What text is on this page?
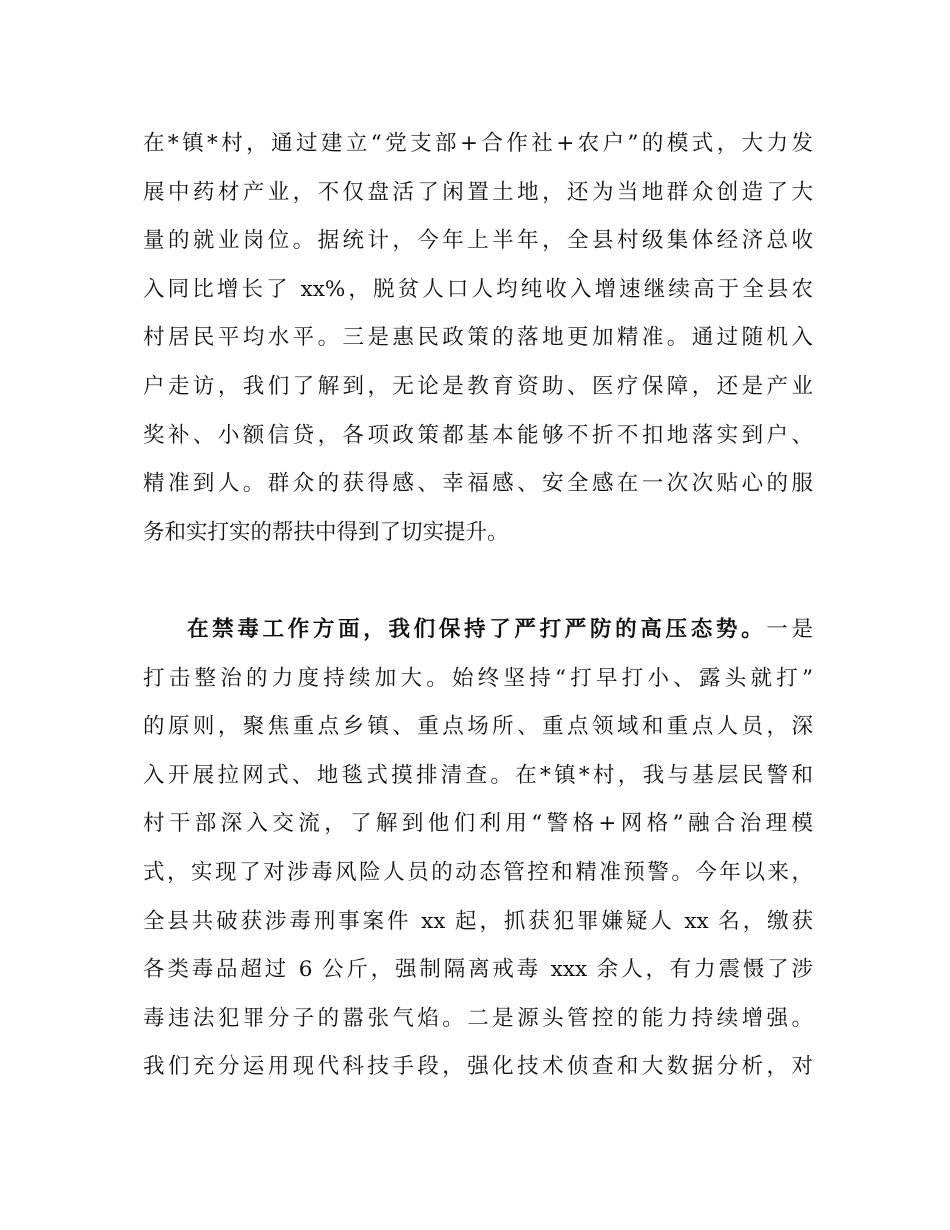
在*镇*村，通过建立“党支部+合作社+农户”的模式，大力发
展中药材产业，不仅盘活了闲置土地，还为当地群众创造了大
量的就业岗位。据统计，今年上半年，全县村级集体经济总收
入同比增长了 xx%，脱贫人口人均纯收入增速继续高于全县农
村居民平均水平。三是惠民政策的落地更加精准。通过随机入
户走访，我们了解到，无论是教育资助、医疗保障，还是产业
奖补、小额信贷，各项政策都基本能够不折不扣地落实到户、
精准到人。群众的获得感、幸福感、安全感在一次次贴心的服
务和实打实的帮扶中得到了切实提升。
在禁毒工作方面，我们保持了严打严防的高压态势。一是
打击整治的力度持续加大。始终坚持“打早打小、露头就打”
的原则，聚焦重点乡镇、重点场所、重点领域和重点人员，深
入开展拉网式、地毯式摸排清查。在*镇*村，我与基层民警和
村干部深入交流，了解到他们利用“警格+网格”融合治理模
式，实现了对涉毒风险人员的动态管控和精准预警。今年以来，
全县共破获涉毒刑事案件 xx 起，抓获犯罪嫌疑人 xx 名，缴获
各类毒品超过 6 公斤，强制隔离戒毒 xxx 余人，有力震慑了涉
毒违法犯罪分子的嚣张气焰。二是源头管控的能力持续增强。
我们充分运用现代科技手段，强化技术侦查和大数据分析，对
